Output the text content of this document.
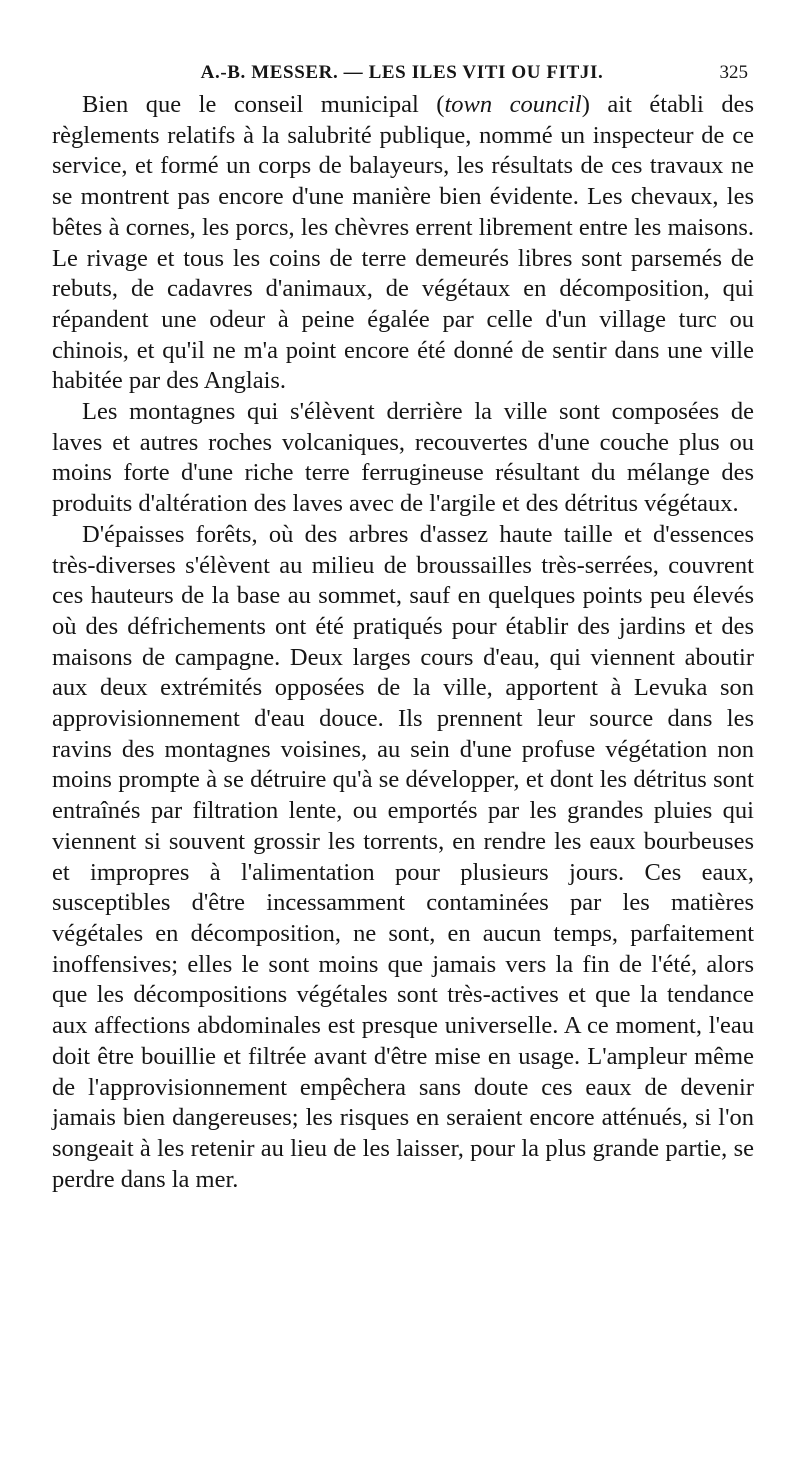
A.-B. MESSER. — LES ILES VITI OU FITJI.	325

Bien que le conseil municipal (town council) ait établi des règlements relatifs à la salubrité publique, nommé un inspecteur de ce service, et formé un corps de balayeurs, les résultats de ces travaux ne se montrent pas encore d'une manière bien évidente. Les chevaux, les bêtes à cornes, les porcs, les chèvres errent librement entre les maisons. Le rivage et tous les coins de terre demeurés libres sont parsemés de rebuts, de cadavres d'animaux, de végétaux en décomposition, qui répandent une odeur à peine égalée par celle d'un village turc ou chinois, et qu'il ne m'a point encore été donné de sentir dans une ville habitée par des Anglais.

Les montagnes qui s'élèvent derrière la ville sont composées de laves et autres roches volcaniques, recouvertes d'une couche plus ou moins forte d'une riche terre ferrugineuse résultant du mélange des produits d'altération des laves avec de l'argile et des détritus végétaux.

D'épaisses forêts, où des arbres d'assez haute taille et d'essences très-diverses s'élèvent au milieu de broussailles très-serrées, couvrent ces hauteurs de la base au sommet, sauf en quelques points peu élevés où des défrichements ont été pratiqués pour établir des jardins et des maisons de campagne. Deux larges cours d'eau, qui viennent aboutir aux deux extrémités opposées de la ville, apportent à Levuka son approvisionnement d'eau douce. Ils prennent leur source dans les ravins des montagnes voisines, au sein d'une profuse végétation non moins prompte à se détruire qu'à se développer, et dont les détritus sont entraînés par filtration lente, ou emportés par les grandes pluies qui viennent si souvent grossir les torrents, en rendre les eaux bourbeuses et impropres à l'alimentation pour plusieurs jours. Ces eaux, susceptibles d'être incessamment contaminées par les matières végétales en décomposition, ne sont, en aucun temps, parfaitement inoffensives; elles le sont moins que jamais vers la fin de l'été, alors que les décompositions végétales sont très-actives et que la tendance aux affections abdominales est presque universelle. A ce moment, l'eau doit être bouillie et filtrée avant d'être mise en usage. L'ampleur même de l'approvisionnement empêchera sans doute ces eaux de devenir jamais bien dangereuses; les risques en seraient encore atténués, si l'on songeait à les retenir au lieu de les laisser, pour la plus grande partie, se perdre dans la mer.
